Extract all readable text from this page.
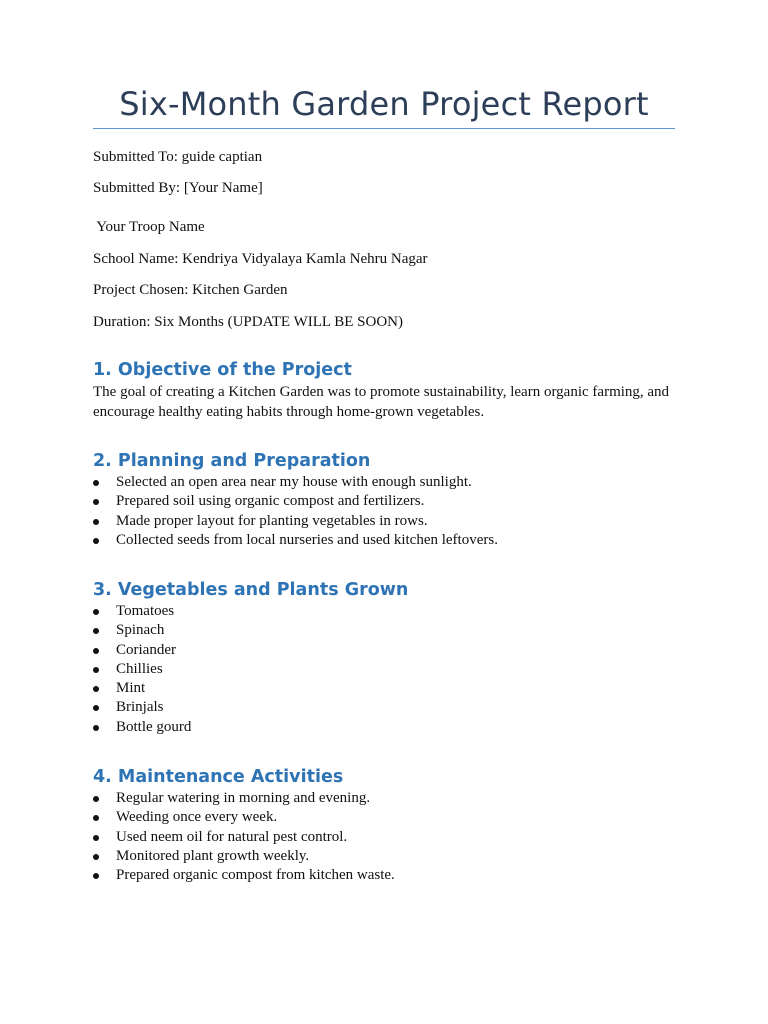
Six-Month Garden Project Report
Submitted To: guide captian
Submitted By: [Your Name]
Your Troop Name
School Name: Kendriya Vidyalaya Kamla Nehru Nagar
Project Chosen: Kitchen Garden
Duration: Six Months (UPDATE WILL BE SOON)
1. Objective of the Project
The goal of creating a Kitchen Garden was to promote sustainability, learn organic farming, and encourage healthy eating habits through home-grown vegetables.
2. Planning and Preparation
Selected an open area near my house with enough sunlight.
Prepared soil using organic compost and fertilizers.
Made proper layout for planting vegetables in rows.
Collected seeds from local nurseries and used kitchen leftovers.
3. Vegetables and Plants Grown
Tomatoes
Spinach
Coriander
Chillies
Mint
Brinjals
Bottle gourd
4. Maintenance Activities
Regular watering in morning and evening.
Weeding once every week.
Used neem oil for natural pest control.
Monitored plant growth weekly.
Prepared organic compost from kitchen waste.
